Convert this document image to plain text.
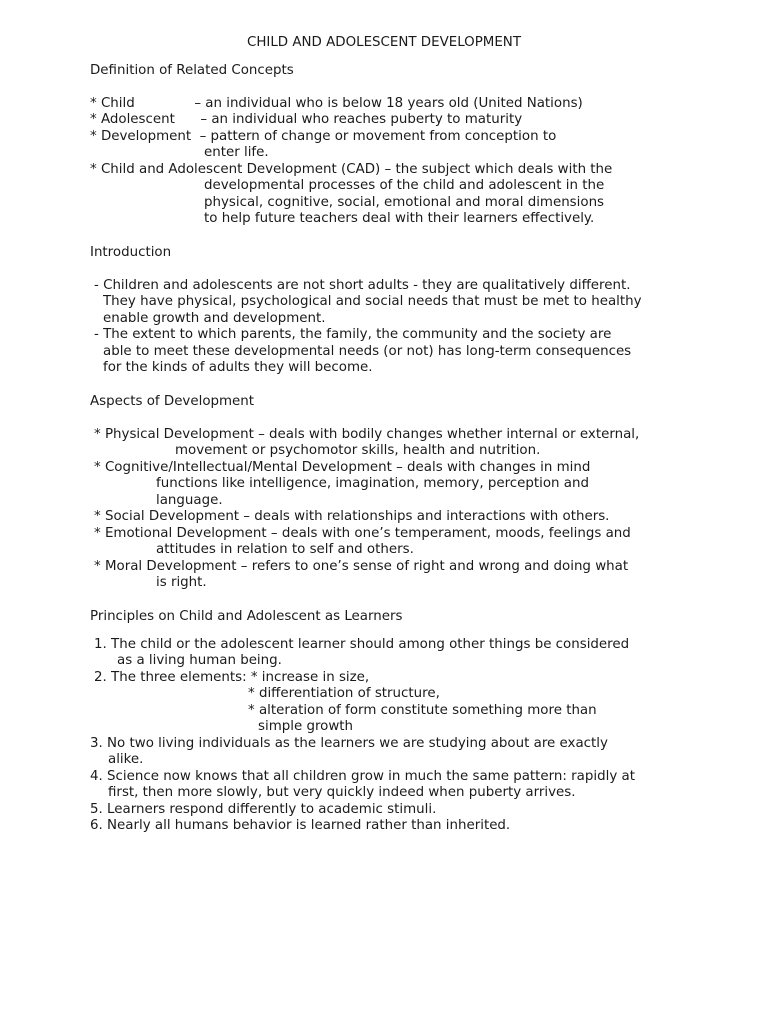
CHILD AND ADOLESCENT DEVELOPMENT
Definition of Related Concepts
* Child              – an individual who is below 18 years old (United Nations)
* Adolescent      – an individual who reaches puberty to maturity
* Development  – pattern of change or movement from conception to
enter life.
* Child and Adolescent Development (CAD) – the subject which deals with the
developmental processes of the child and adolescent in the
physical, cognitive, social, emotional and moral dimensions
to help future teachers deal with their learners effectively.
Introduction
- Children and adolescents are not short adults - they are qualitatively different.
They have physical, psychological and social needs that must be met to healthy
enable growth and development.
- The extent to which parents, the family, the community and the society are
able to meet these developmental needs (or not) has long-term consequences
for the kinds of adults they will become.
Aspects of Development
* Physical Development – deals with bodily changes whether internal or external,
movement or psychomotor skills, health and nutrition.
* Cognitive/Intellectual/Mental Development – deals with changes in mind
functions like intelligence, imagination, memory, perception and
language.
* Social Development – deals with relationships and interactions with others.
* Emotional Development – deals with one’s temperament, moods, feelings and
attitudes in relation to self and others.
* Moral Development – refers to one’s sense of right and wrong and doing what
is right.
Principles on Child and Adolescent as Learners
1. The child or the adolescent learner should among other things be considered
as a living human being.
2. The three elements: * increase in size,
* differentiation of structure,
* alteration of form constitute something more than
simple growth
3. No two living individuals as the learners we are studying about are exactly
alike.
4. Science now knows that all children grow in much the same pattern: rapidly at
first, then more slowly, but very quickly indeed when puberty arrives.
5. Learners respond differently to academic stimuli.
6. Nearly all humans behavior is learned rather than inherited.
